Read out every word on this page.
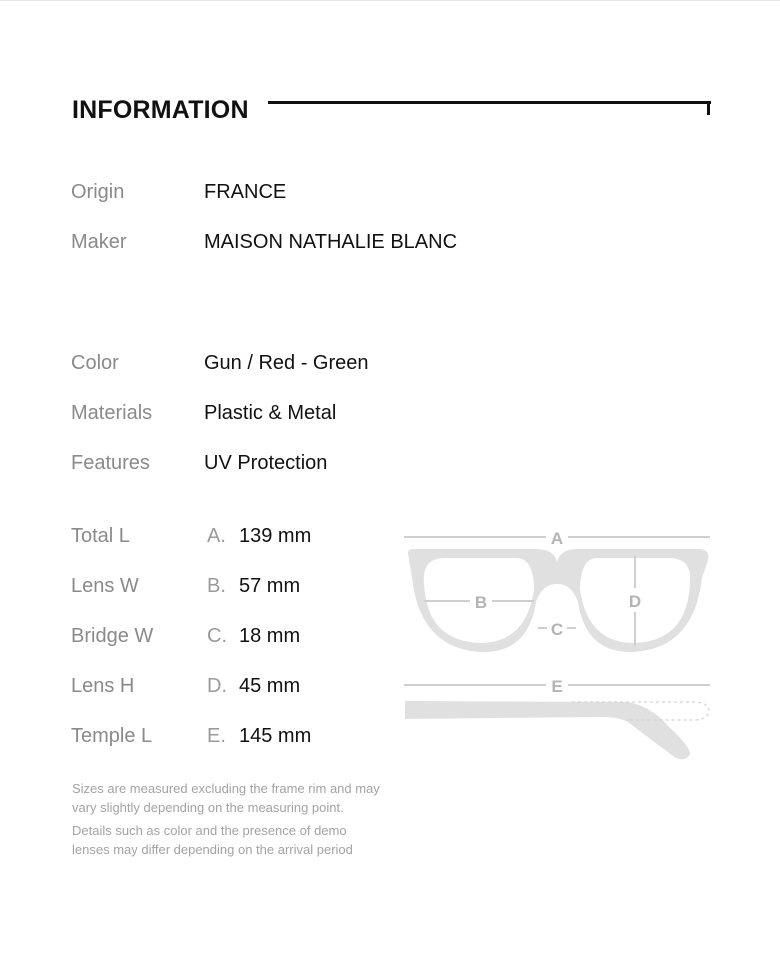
INFORMATION
Origin	FRANCE
Maker	MAISON NATHALIE BLANC
Color	Gun / Red - Green
Materials	Plastic & Metal
Features	UV Protection
Total L	A. 139 mm
Lens W	B. 57 mm
Bridge W	C. 18 mm
Lens H	D. 45 mm
Temple L	E. 145 mm
Sizes are measured excluding the frame rim and may
vary slightly depending on the measuring point.
Details such as color and the presence of demo
lenses may differ depending on the arrival period
A
B
C
D
E
